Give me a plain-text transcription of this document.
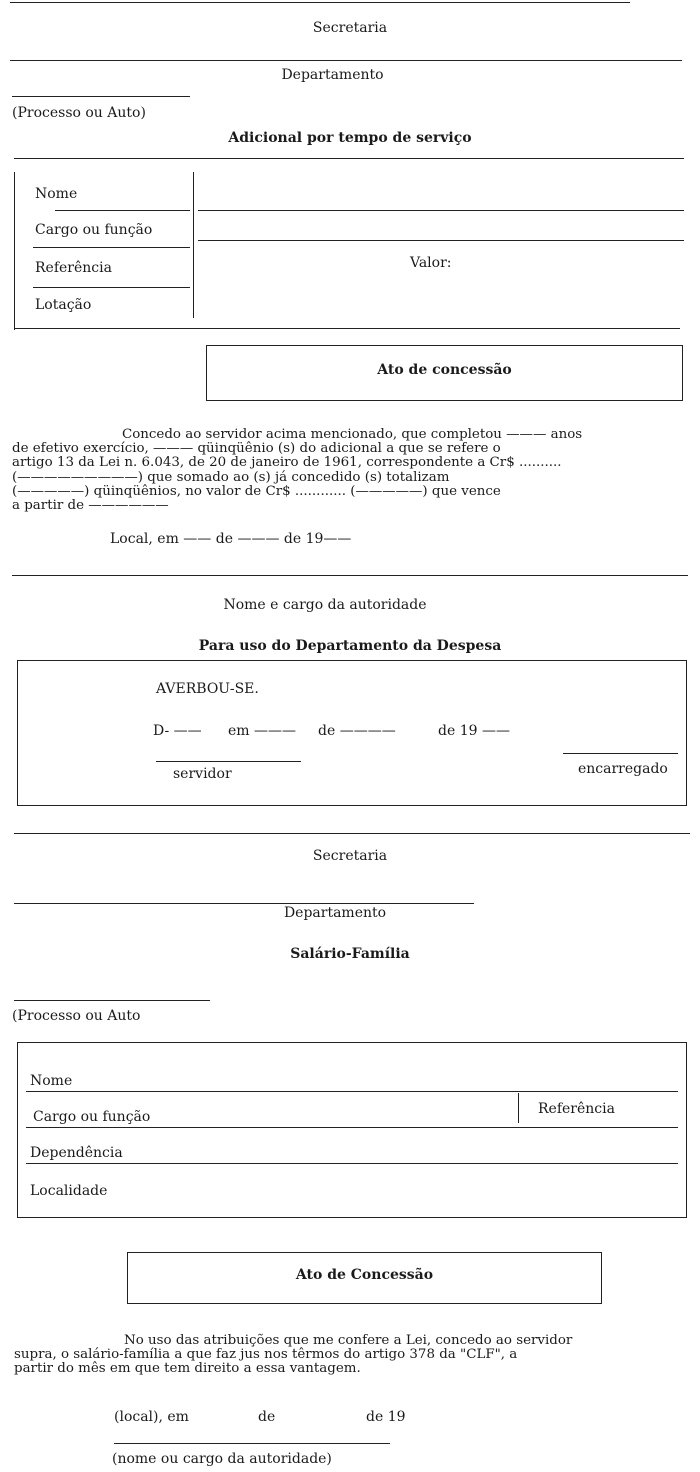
Secretaria
Departamento
(Processo ou Auto)
Adicional por tempo de serviço
Nome
Cargo ou função
Referência	Valor:
Lotação
Ato de concessão

Concedo ao servidor acima mencionado, que completou ——— anos

de efetivo exercício, ——— qüinqüênio (s) do adicional a que se refere o

artigo 13 da Lei n. 6.043, de 20 de janeiro de 1961, correspondente a Cr$ ..........

(—————————) que somado ao (s) já concedido (s) totalizam

(—————) qüinqüênios, no valor de Cr$ ............ (—————) que vence

a partir de ——————

Local, em —— de ——— de 19——
Nome e cargo da autoridade
Para uso do Departamento da Despesa
AVERBOU-SE.
D- —— em ——— de ————	de 19 ——
servidor	encarregado
Secretaria
Departamento
Salário-Família
(Processo ou Auto
Nome
Cargo ou função	Referência
Dependência
Localidade
Ato de Concessão

No uso das atribuições que me confere a Lei, concedo ao servidor

supra, o salário-família a que faz jus nos têrmos do artigo 378 da "CLF", a

partir do mês em que tem direito a essa vantagem.

(local), em	de	de 19
(nome ou cargo da autoridade)
